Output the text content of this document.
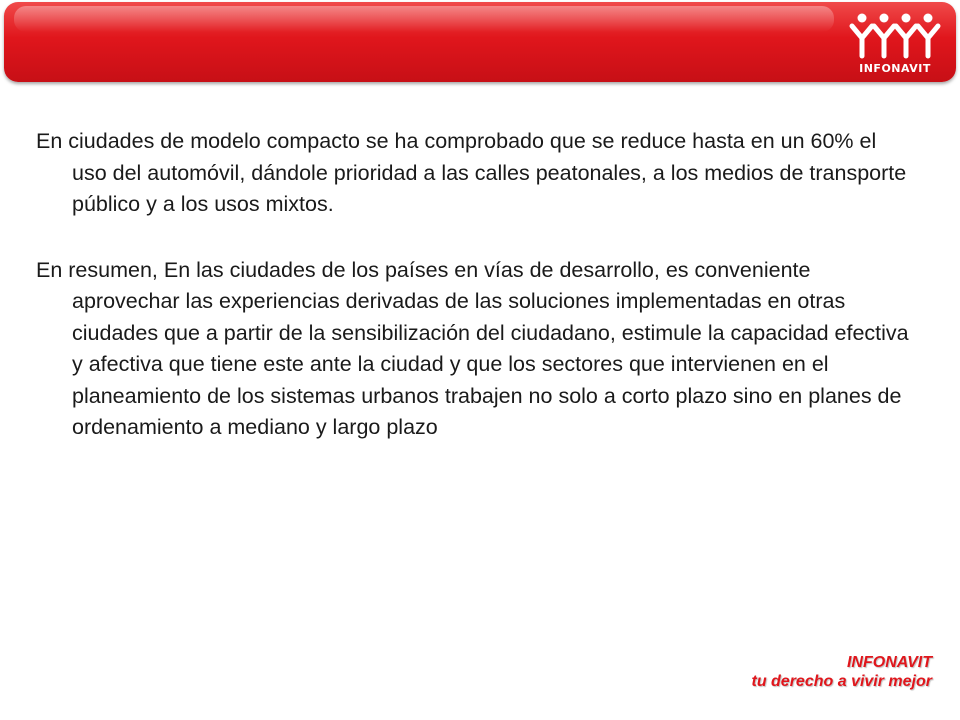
INFONAVIT

En ciudades de modelo compacto se ha comprobado que se reduce hasta en un 60% el uso del automóvil, dándole prioridad a las calles peatonales, a los medios de transporte público y a los usos mixtos.

En resumen, En las ciudades de los países en vías de desarrollo, es conveniente aprovechar las experiencias derivadas de las soluciones implementadas en otras ciudades que a partir de la sensibilización del ciudadano, estimule la capacidad efectiva y afectiva que tiene este ante la ciudad y que los sectores que intervienen en el planeamiento de los sistemas urbanos trabajen no solo a corto plazo sino en planes de ordenamiento a mediano y largo plazo

INFONAVIT
tu derecho a vivir mejor
